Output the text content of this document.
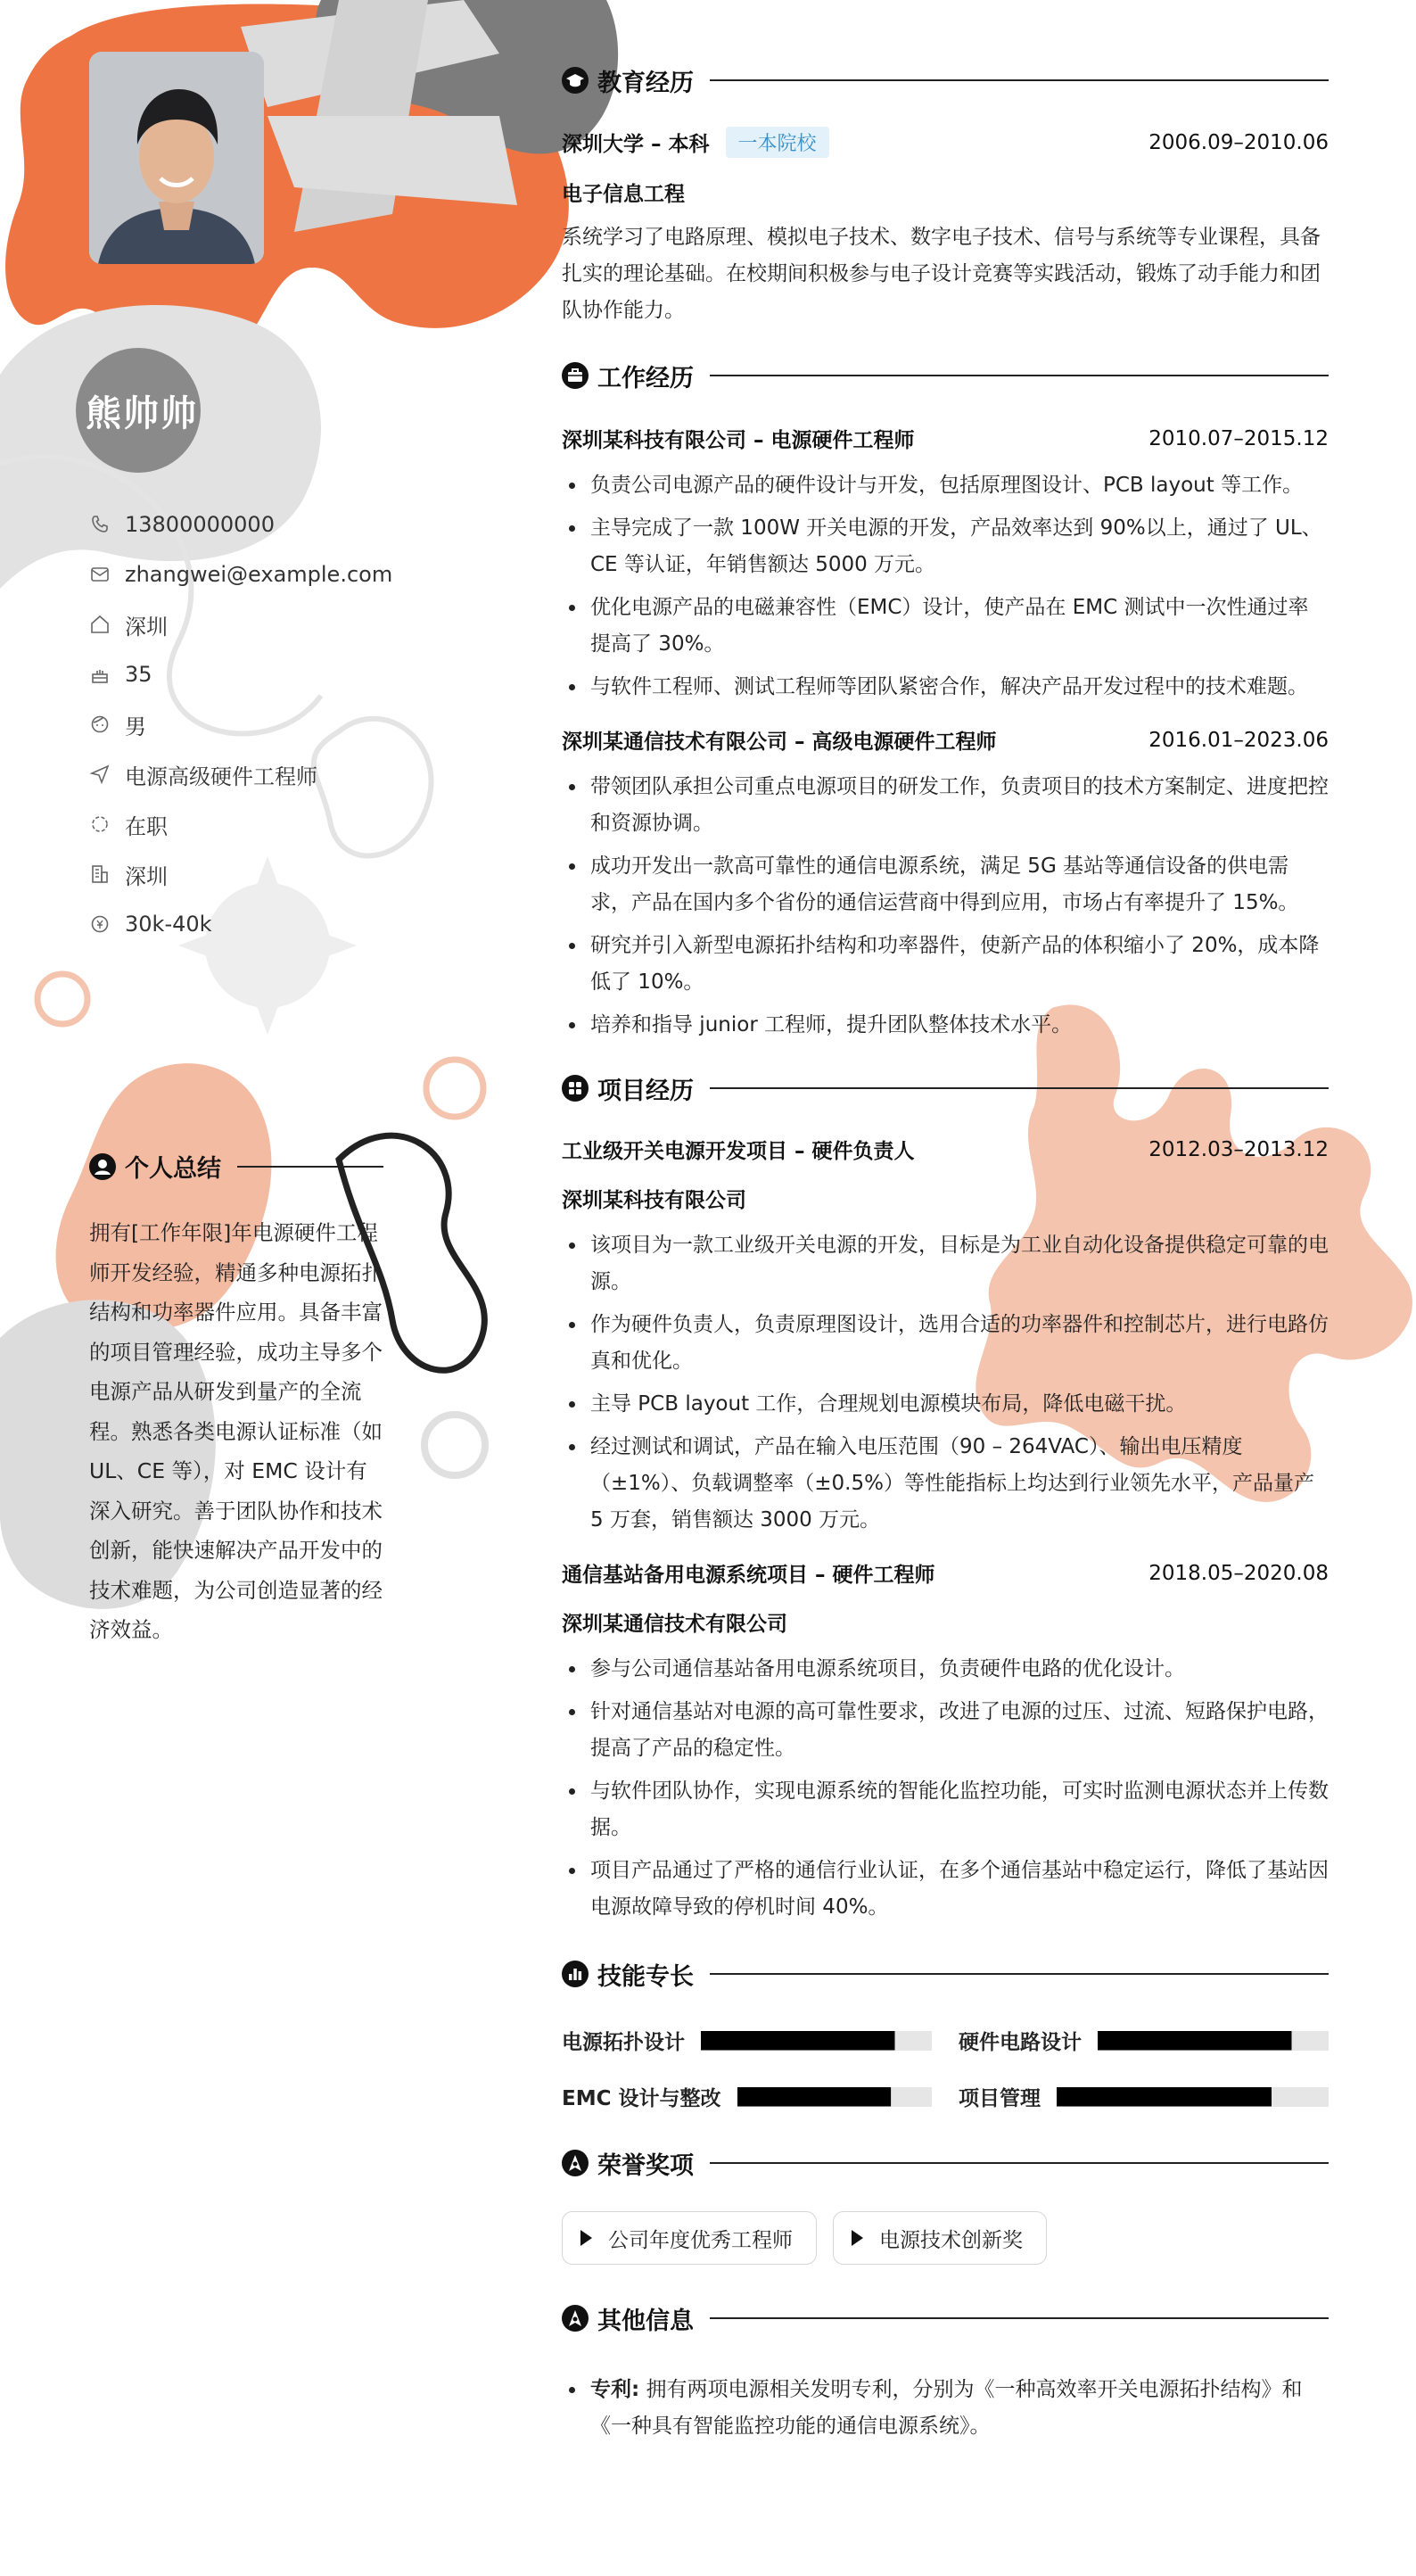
熊帅帅
13800000000
zhangwei@example.com
深圳
35
男
电源高级硬件工程师
在职
深圳
30k-40k
个人总结
拥有[工作年限]年电源硬件工程师开发经验，精通多种电源拓扑结构和功率器件应用。具备丰富的项目管理经验，成功主导多个电源产品从研发到量产的全流程。熟悉各类电源认证标准（如 UL、CE 等），对 EMC 设计有深入研究。善于团队协作和技术创新，能快速解决产品开发中的技术难题，为公司创造显著的经济效益。
教育经历
深圳大学 – 本科	一本院校	2006.09–2010.06
电子信息工程
系统学习了电路原理、模拟电子技术、数字电子技术、信号与系统等专业课程，具备扎实的理论基础。在校期间积极参与电子设计竞赛等实践活动，锻炼了动手能力和团队协作能力。
工作经历
深圳某科技有限公司 – 电源硬件工程师	2010.07–2015.12
负责公司电源产品的硬件设计与开发，包括原理图设计、PCB layout 等工作。
主导完成了一款 100W 开关电源的开发，产品效率达到 90%以上，通过了 UL、CE 等认证，年销售额达 5000 万元。
优化电源产品的电磁兼容性（EMC）设计，使产品在 EMC 测试中一次性通过率提高了 30%。
与软件工程师、测试工程师等团队紧密合作，解决产品开发过程中的技术难题。
深圳某通信技术有限公司 – 高级电源硬件工程师	2016.01–2023.06
带领团队承担公司重点电源项目的研发工作，负责项目的技术方案制定、进度把控和资源协调。
成功开发出一款高可靠性的通信电源系统，满足 5G 基站等通信设备的供电需求，产品在国内多个省份的通信运营商中得到应用，市场占有率提升了 15%。
研究并引入新型电源拓扑结构和功率器件，使新产品的体积缩小了 20%，成本降低了 10%。
培养和指导 junior 工程师，提升团队整体技术水平。
项目经历
工业级开关电源开发项目 – 硬件负责人	2012.03–2013.12
深圳某科技有限公司
该项目为一款工业级开关电源的开发，目标是为工业自动化设备提供稳定可靠的电源。
作为硬件负责人，负责原理图设计，选用合适的功率器件和控制芯片，进行电路仿真和优化。
主导 PCB layout 工作，合理规划电源模块布局，降低电磁干扰。
经过测试和调试，产品在输入电压范围（90 – 264VAC）、输出电压精度（±1%）、负载调整率（±0.5%）等性能指标上均达到行业领先水平，产品量产 5 万套，销售额达 3000 万元。
通信基站备用电源系统项目 – 硬件工程师	2018.05–2020.08
深圳某通信技术有限公司
参与公司通信基站备用电源系统项目，负责硬件电路的优化设计。
针对通信基站对电源的高可靠性要求，改进了电源的过压、过流、短路保护电路，提高了产品的稳定性。
与软件团队协作，实现电源系统的智能化监控功能，可实时监测电源状态并上传数据。
项目产品通过了严格的通信行业认证，在多个通信基站中稳定运行，降低了基站因电源故障导致的停机时间 40%。
技能专长
电源拓扑设计	硬件电路设计
EMC 设计与整改	项目管理
荣誉奖项
公司年度优秀工程师	电源技术创新奖
其他信息
专利: 拥有两项电源相关发明专利，分别为《一种高效率开关电源拓扑结构》和《一种具有智能监控功能的通信电源系统》。
